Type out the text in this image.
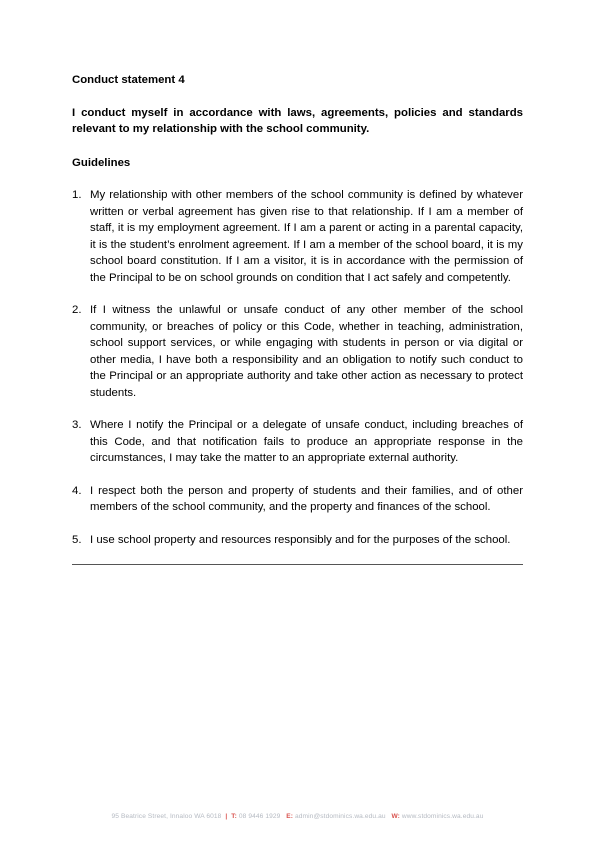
Conduct statement 4

I conduct myself in accordance with laws, agreements, policies and standards relevant to my relationship with the school community.

Guidelines

1. My relationship with other members of the school community is defined by whatever written or verbal agreement has given rise to that relationship. If I am a member of staff, it is my employment agreement. If I am a parent or acting in a parental capacity, it is the student’s enrolment agreement. If I am a member of the school board, it is my school board constitution. If I am a visitor, it is in accordance with the permission of the Principal to be on school grounds on condition that I act safely and competently.
2. If I witness the unlawful or unsafe conduct of any other member of the school community, or breaches of policy or this Code, whether in teaching, administration, school support services, or while engaging with students in person or via digital or other media, I have both a responsibility and an obligation to notify such conduct to the Principal or an appropriate authority and take other action as necessary to protect students.
3. Where I notify the Principal or a delegate of unsafe conduct, including breaches of this Code, and that notification fails to produce an appropriate response in the circumstances, I may take the matter to an appropriate external authority.
4. I respect both the person and property of students and their families, and of other members of the school community, and the property and finances of the school.
5. I use school property and resources responsibly and for the purposes of the school.
95 Beatrice Street, Innaloo WA 6018 | T: 08 9446 1929 E: admin@stdominics.wa.edu.au W: www.stdominics.wa.edu.au
